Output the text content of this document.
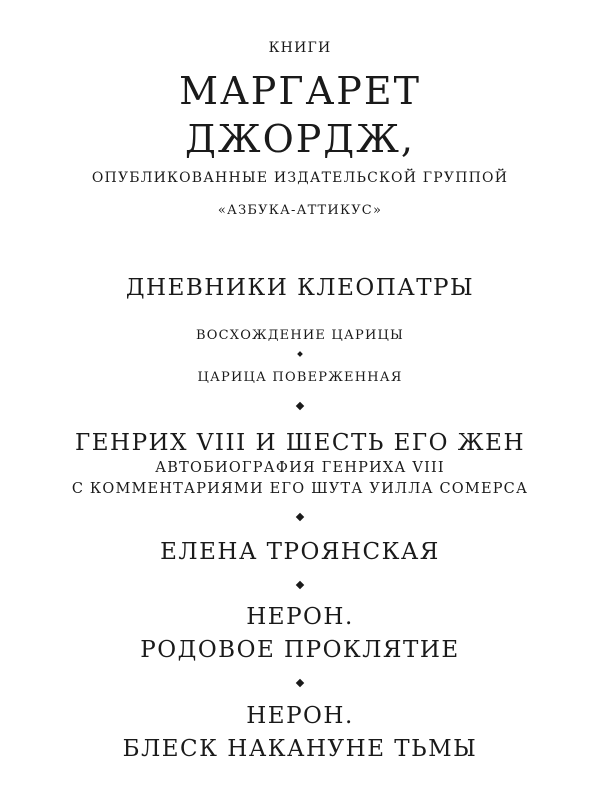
КНИГИ
МАРГАРЕТ
ДЖОРДЖ,
ОПУБЛИКОВАННЫЕ ИЗДАТЕЛЬСКОЙ ГРУППОЙ
«АЗБУКА-АТТИКУС»
ДНЕВНИКИ КЛЕОПАТРЫ
ВОСХОЖДЕНИЕ ЦАРИЦЫ
ЦАРИЦА ПОВЕРЖЕННАЯ
ГЕНРИХ VIII И ШЕСТЬ ЕГО ЖЕН
АВТОБИОГРАФИЯ ГЕНРИХА VIII
С КОММЕНТАРИЯМИ ЕГО ШУТА УИЛЛА СОМЕРСА
ЕЛЕНА ТРОЯНСКАЯ
НЕРОН.
РОДОВОЕ ПРОКЛЯТИЕ
НЕРОН.
БЛЕСК НАКАНУНЕ ТЬМЫ
